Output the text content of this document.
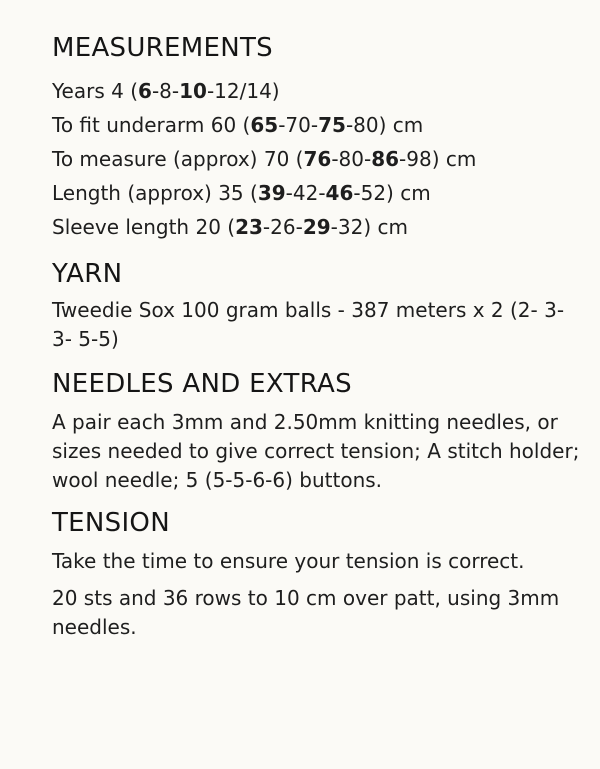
MEASUREMENTS

Years 4 (6-8-10-12/14)

To fit underarm 60 (65-70-75-80) cm

To measure (approx) 70 (76-80-86-98) cm

Length (approx) 35 (39-42-46-52) cm

Sleeve length 20 (23-26-29-32) cm

YARN

Tweedie Sox 100 gram balls - 387 meters x 2 (2- 3- 3- 5-5)

NEEDLES AND EXTRAS

A pair each 3mm and 2.50mm knitting needles, or sizes needed to give correct tension; A stitch holder; wool needle; 5 (5-5-6-6) buttons.

TENSION

Take the time to ensure your tension is correct.

20 sts and 36 rows to 10 cm over patt, using 3mm needles.
